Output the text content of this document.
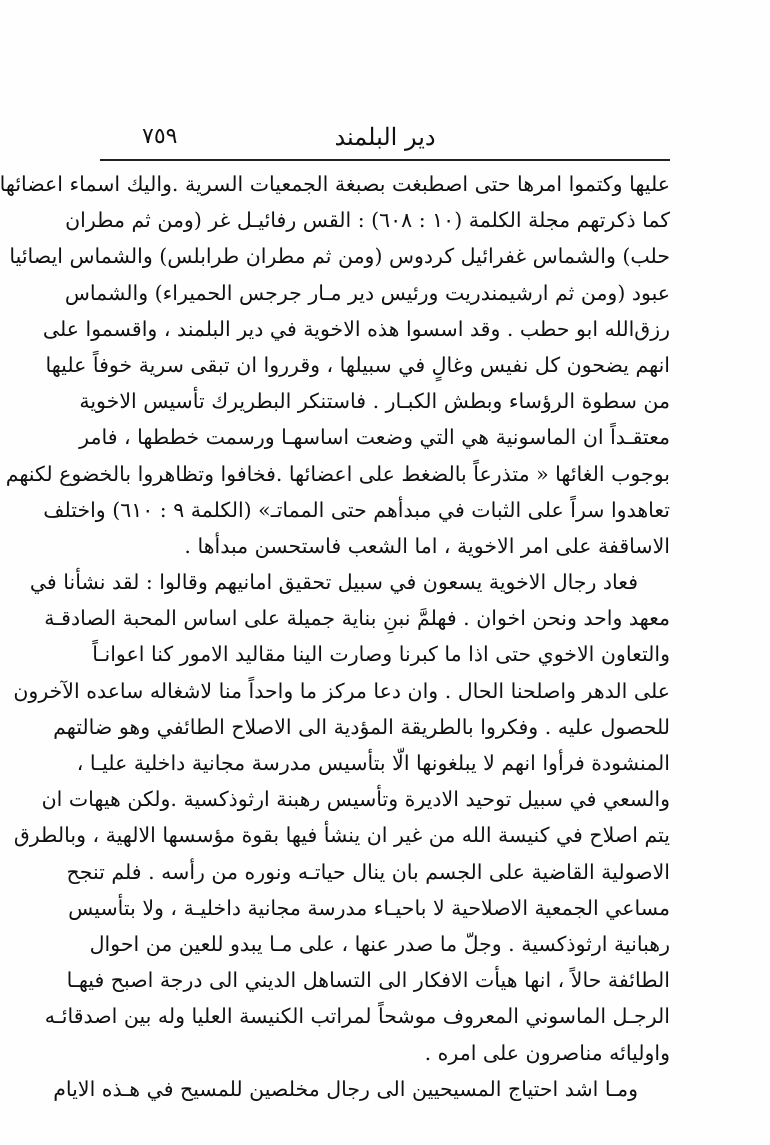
دير البلمند
٧٥٩
عليها وكتموا امرها حتى اصطبغت بصبغة الجمعيات السرية .واليك اسماء اعضائها
كما ذكرتهم مجلة الكلمة (١٠ : ٦٠٨) : القس رفائيـل غر (ومن ثم مطران
حلب) والشماس غفرائيل كردوس (ومن ثم مطران طرابلس) والشماس ايصائيا
عبود (ومن ثم ارشيمندريت ورئيس دير مـار جرجس الحميراء) والشماس
رزق‌الله ابو حطب . وقد اسسوا هذه الاخوية في دير البلمند ، واقسموا على
انهم يضحون كل نفيس وغالٍ في سبيلها ، وقرروا ان تبقى سرية خوفاً عليها
من سطوة الرؤساء وبطش الكبـار . فاستنكر البطريرك تأسيس الاخوية
معتقـداً ان الماسونية هي التي وضعت اساسهـا ورسمت خططها ، فامر
بوجوب الغائها « متذرعاً بالضغط على اعضائها .فخافوا وتظاهروا بالخضوع لكنهم
تعاهدوا سراً على الثبات في مبدأهم حتى المماتـ» (الكلمة ٩ : ٦١٠) واختلف
الاساقفة على امر الاخوية ، اما الشعب فاستحسن مبدأها .
فعاد رجال الاخوية يسعون في سبيل تحقيق امانيهم وقالوا : لقد نشأنا في
معهد واحد ونحن اخوان . فهلمَّ نبنِ بناية جميلة على اساس المحبة الصادقـة
والتعاون الاخوي حتى اذا ما كبرنا وصارت الينا مقاليد الامور كنا اعوانـاً
على الدهر واصلحنا الحال . وان دعا مركز ما واحداً منا لاشغاله ساعده الآخرون
للحصول عليه . وفكروا بالطريقة المؤدية الى الاصلاح الطائفي وهو ضالتهم
المنشودة فرأوا انهم لا يبلغونها الّا بتأسيس مدرسة مجانية داخلية عليـا ،
والسعي في سبيل توحيد الاديرة وتأسيس رهبنة ارثوذكسية .ولكن هيهات ان
يتم اصلاح في كنيسة الله من غير ان ينشأ فيها بقوة مؤسسها الالهية ، وبالطرق
الاصولية القاضية على الجسم بان ينال حياتـه ونوره من رأسه . فلم تنجح
مساعي الجمعية الاصلاحية لا باحيـاء مدرسة مجانية داخليـة ، ولا بتأسيس
رهبانية ارثوذكسية . وجلّ ما صدر عنها ، على مـا يبدو للعين من احوال
الطائفة حالاً ، انها هيأت الافكار الى التساهل الديني الى درجة اصبح فيهـا
الرجـل الماسوني المعروف موشحاً لمراتب الكنيسة العليا وله بين اصدقائـه
واوليائه مناصرون على امره .
ومـا اشد احتياج المسيحيين الى رجال مخلصين للمسيح في هـذه الايام
